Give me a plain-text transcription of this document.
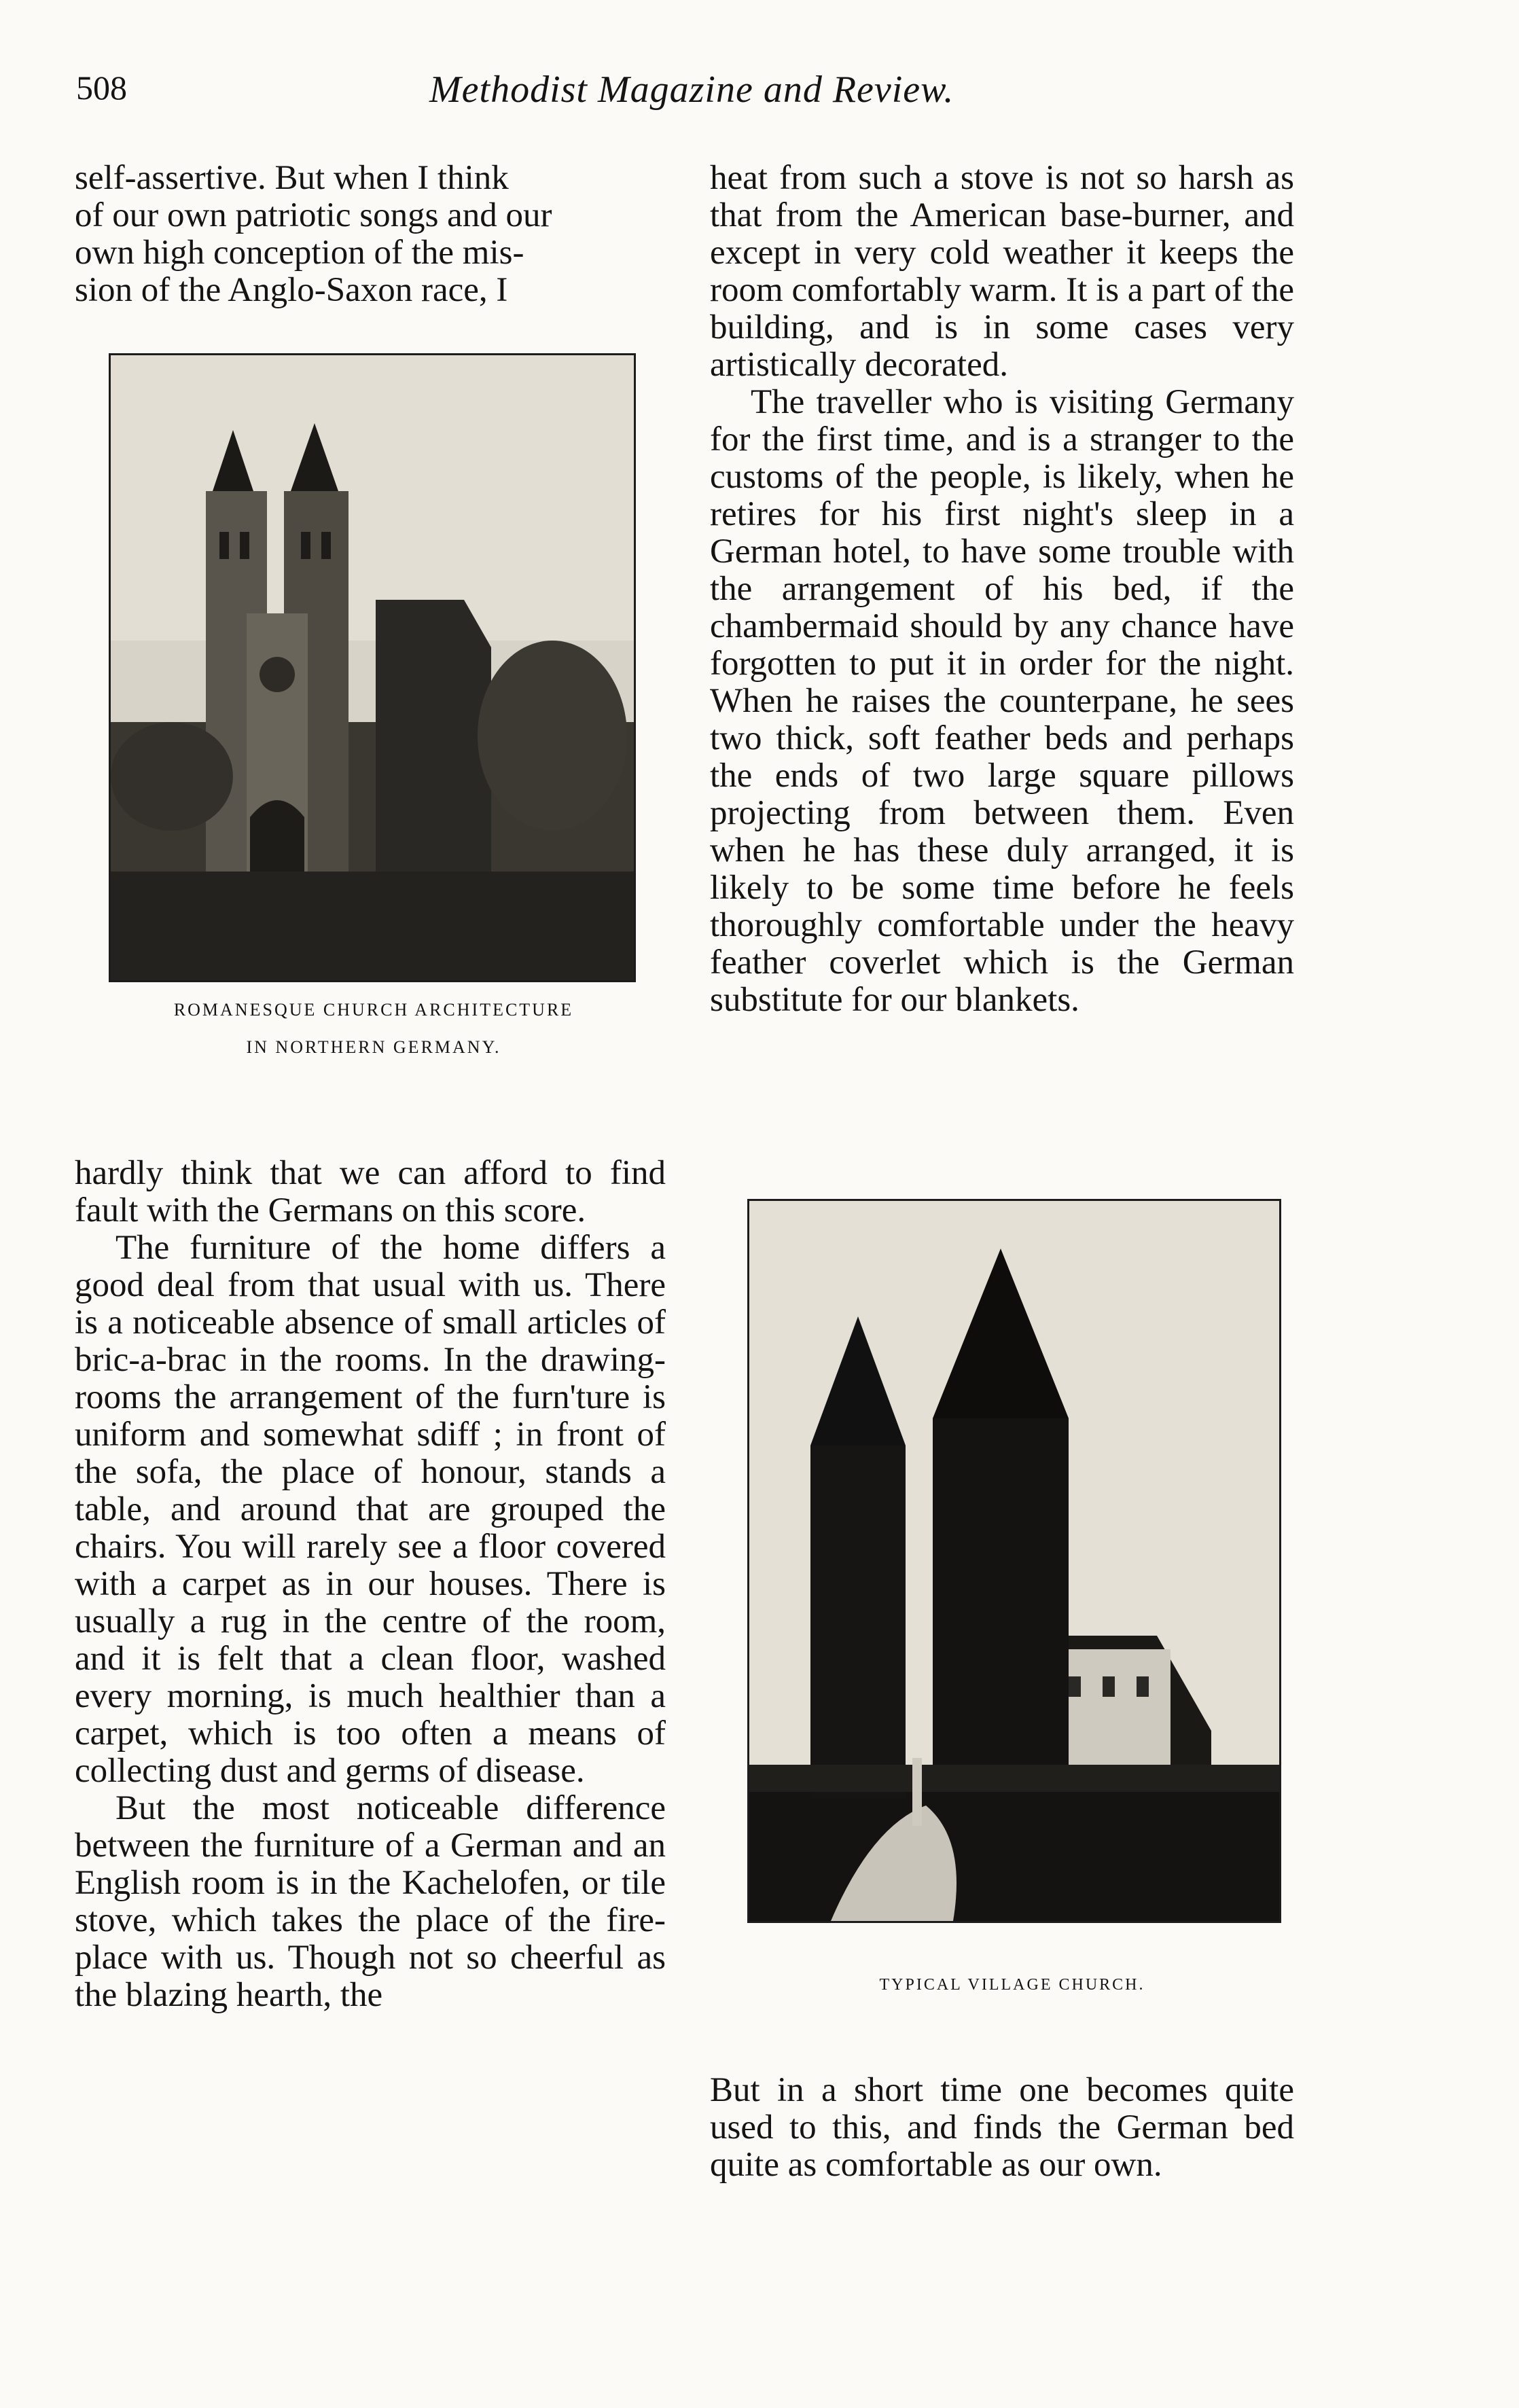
508	Methodist Magazine and Review.

self-assertive. But when I think

of our own patriotic songs and our

own high conception of the mis-

sion of the Anglo-Saxon race, I

ROMANESQUE CHURCH ARCHITECTURE
IN NORTHERN GERMANY.

hardly think that we can afford to find fault with the Germans on this score.

The furniture of the home differs a good deal from that usual with us. There is a noticeable absence of small articles of bric-a-brac in the rooms. In the drawing-rooms the arrangement of the furn'ture is uniform and somewhat sdiff ; in front of the sofa, the place of honour, stands a table, and around that are grouped the chairs. You will rarely see a floor covered with a carpet as in our houses. There is usually a rug in the centre of the room, and it is felt that a clean floor, washed every morning, is much healthier than a carpet, which is too often a means of collecting dust and germs of disease.

But the most noticeable difference between the furniture of a German and an English room is in the Kachelofen, or tile stove, which takes the place of the fire-place with us. Though not so cheerful as the blazing hearth, the

heat from such a stove is not so harsh as that from the American base-burner, and except in very cold weather it keeps the room comfortably warm. It is a part of the building, and is in some cases very artistically decorated.

The traveller who is visiting Germany for the first time, and is a stranger to the customs of the people, is likely, when he retires for his first night's sleep in a German hotel, to have some trouble with the arrangement of his bed, if the chambermaid should by any chance have forgotten to put it in order for the night. When he raises the counterpane, he sees two thick, soft feather beds and perhaps the ends of two large square pillows projecting from between them. Even when he has these duly arranged, it is likely to be some time before he feels thoroughly comfortable under the heavy feather coverlet which is the German substitute for our blankets.

TYPICAL VILLAGE CHURCH.

But in a short time one becomes quite used to this, and finds the German bed quite as comfortable as our own.
